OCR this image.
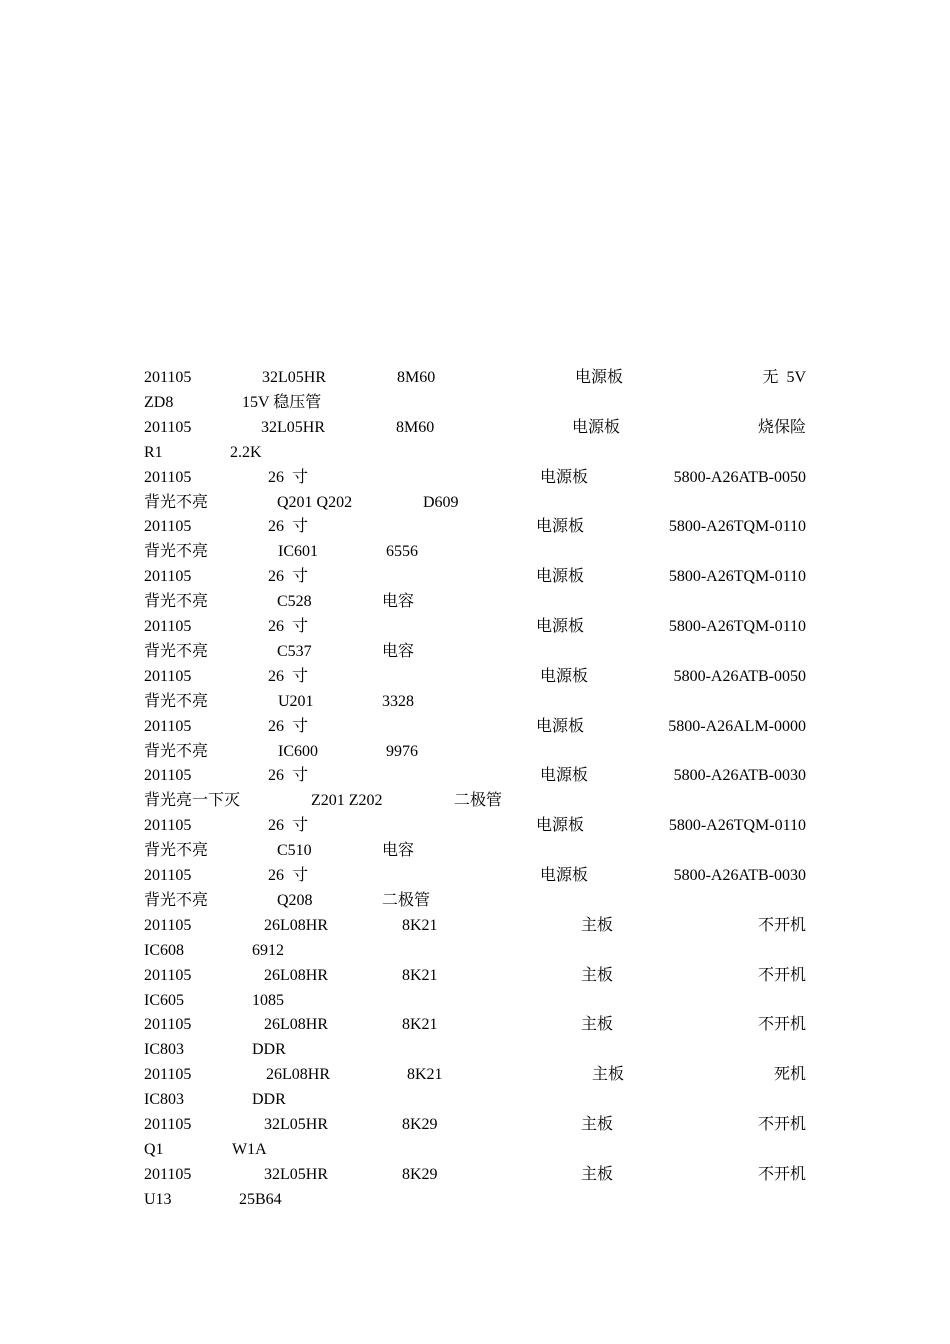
201105	32L05HR	8M60	电源板	无  5V
ZD8	15V 稳压管
201105	32L05HR	8M60	电源板	烧保险
R1	2.2K
201105	26  寸	电源板	5800-A26ATB-0050
背光不亮	Q201 Q202	D609
201105	26  寸	电源板	5800-A26TQM-0110
背光不亮	IC601	6556
201105	26  寸	电源板	5800-A26TQM-0110
背光不亮	C528	电容
201105	26  寸	电源板	5800-A26TQM-0110
背光不亮	C537	电容
201105	26  寸	电源板	5800-A26ATB-0050
背光不亮	U201	3328
201105	26  寸	电源板	5800-A26ALM-0000
背光不亮	IC600	9976
201105	26  寸	电源板	5800-A26ATB-0030
背光亮一下灭	Z201 Z202	二极管
201105	26  寸	电源板	5800-A26TQM-0110
背光不亮	C510	电容
201105	26  寸	电源板	5800-A26ATB-0030
背光不亮	Q208	二极管
201105	26L08HR	8K21	主板	不开机
IC608	6912
201105	26L08HR	8K21	主板	不开机
IC605	1085
201105	26L08HR	8K21	主板	不开机
IC803	DDR
201105	26L08HR	8K21	主板	死机
IC803	DDR
201105	32L05HR	8K29	主板	不开机
Q1	W1A
201105	32L05HR	8K29	主板	不开机
U13	25B64
